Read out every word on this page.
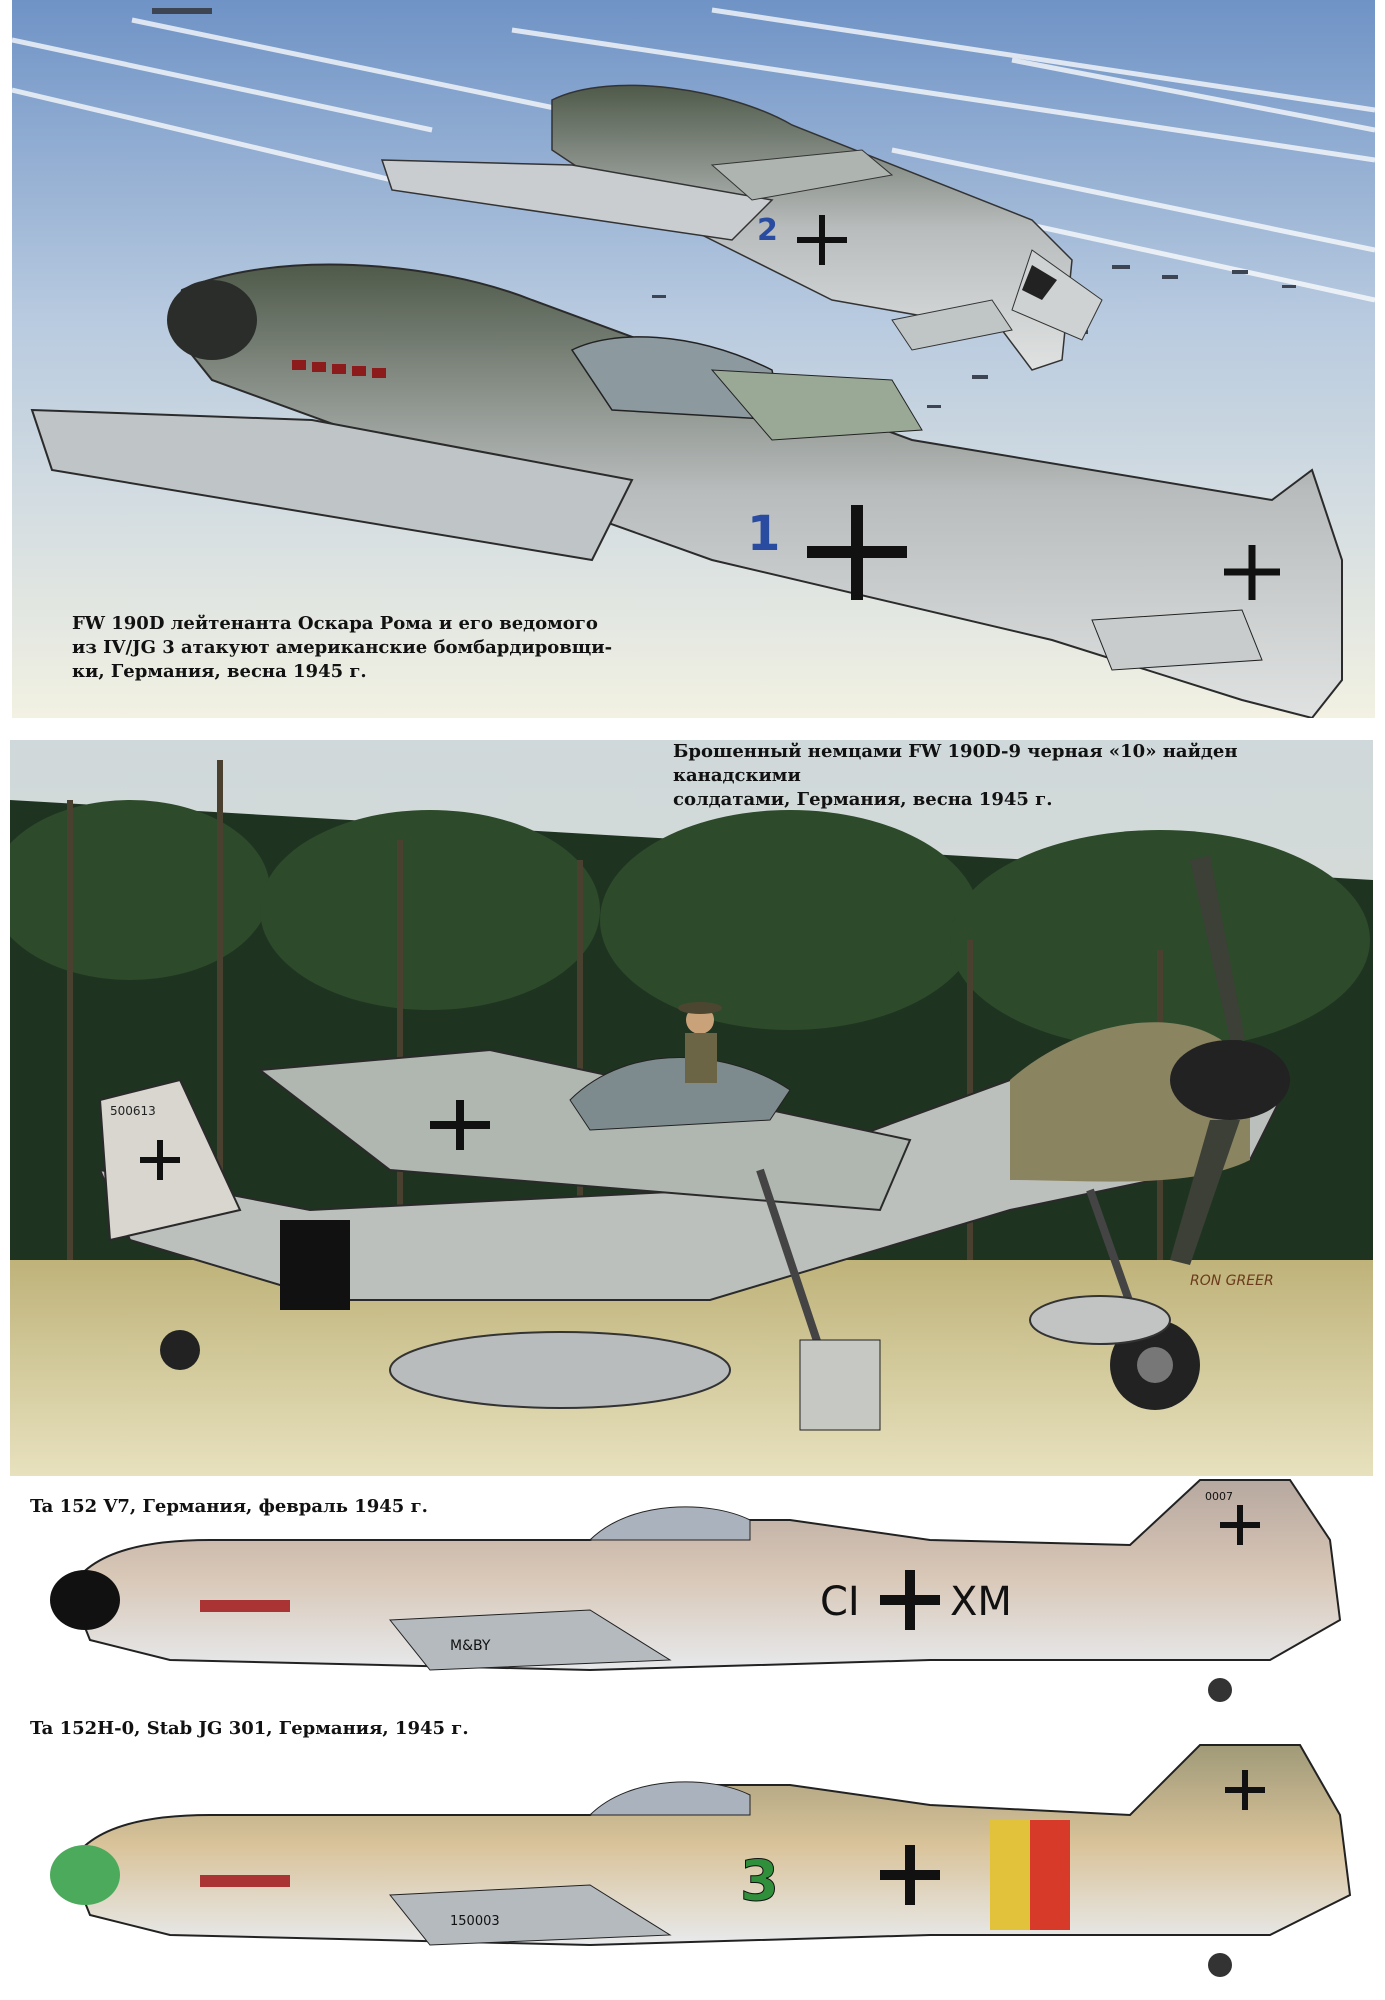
2
1
FW 190D лейтенанта Оскара Рома и его ведомого
из IV/JG 3 атакуют американские бомбардировщи-
ки, Германия, весна 1945 г.
500613
RON GREER
Брошенный немцами FW 190D-9 черная «10» найден канадскими
солдатами, Германия, весна 1945 г.
Ta 152 V7, Германия, февраль 1945 г.
CI XM
0007
M&BY
Ta 152H-0, Stab JG 301, Германия, 1945 г.
3
150003
